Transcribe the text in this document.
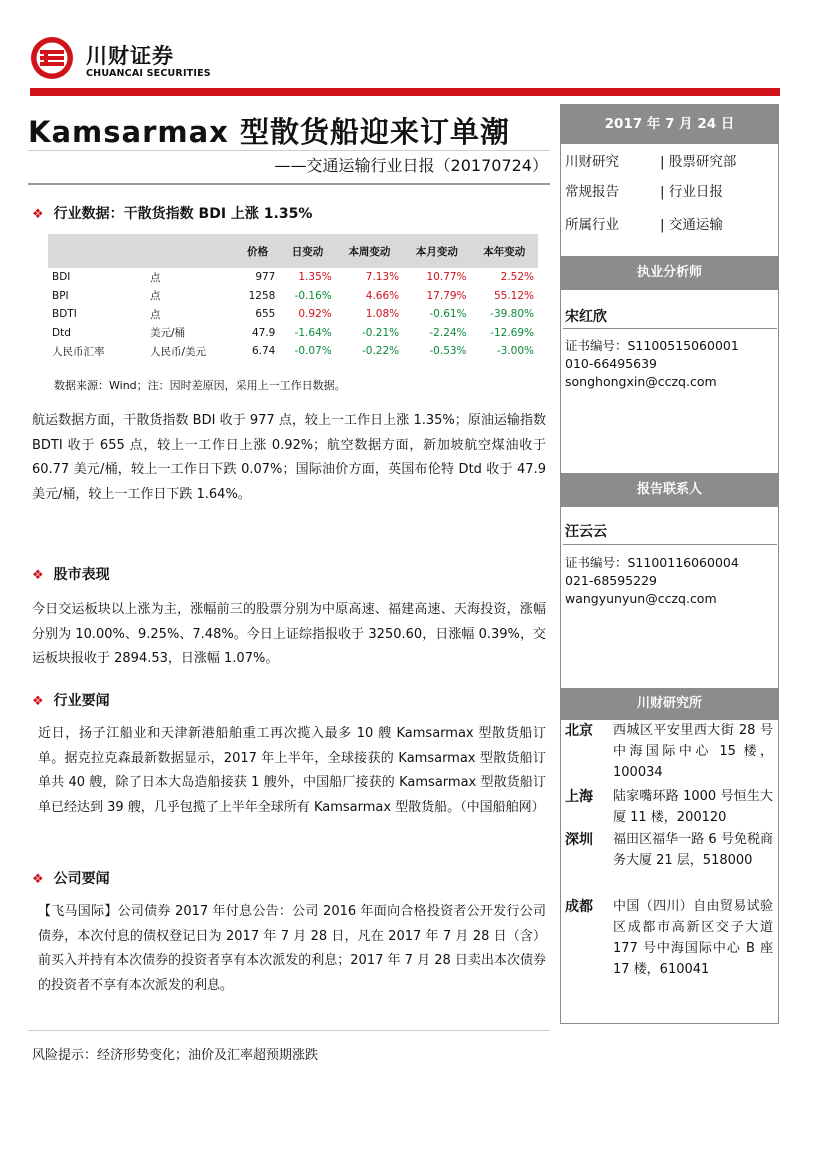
川财证券
CHUANCAI SECURITIES
Kamsarmax 型散货船迎来订单潮
——交通运输行业日报（20170724）
❖ 行业数据：干散货指数 BDI 上涨 1.35%
		价格	日变动	本周变动	本月变动	本年变动
BDI	点	977	1.35%	7.13%	10.77%	2.52%
BPI	点	1258	-0.16%	4.66%	17.79%	55.12%
BDTI	点	655	0.92%	1.08%	-0.61%	-39.80%
Dtd	美元/桶	47.9	-1.64%	-0.21%	-2.24%	-12.69%
人民币汇率	人民币/美元	6.74	-0.07%	-0.22%	-0.53%	-3.00%
数据来源：Wind；注：因时差原因，采用上一工作日数据。
航运数据方面，干散货指数 BDI 收于 977 点，较上一工作日上涨 1.35%；原油运输指数 BDTI 收于 655 点，较上一工作日上涨 0.92%；航空数据方面，新加坡航空煤油收于 60.77 美元/桶，较上一工作日下跌 0.07%；国际油价方面，英国布伦特 Dtd 收于 47.9 美元/桶，较上一工作日下跌 1.64%。
❖ 股市表现
今日交运板块以上涨为主，涨幅前三的股票分别为中原高速、福建高速、天海投资，涨幅分别为 10.00%、9.25%、7.48%。今日上证综指报收于 3250.60，日涨幅 0.39%，交运板块报收于 2894.53，日涨幅 1.07%。
❖ 行业要闻
近日，扬子江船业和天津新港船舶重工再次揽入最多 10 艘 Kamsarmax 型散货船订单。据克拉克森最新数据显示，2017 年上半年，全球接获的 Kamsarmax 型散货船订单共 40 艘，除了日本大岛造船接获 1 艘外，中国船厂接获的 Kamsarmax 型散货船订单已经达到 39 艘，几乎包揽了上半年全球所有 Kamsarmax 型散货船。（中国船舶网）
❖ 公司要闻
【飞马国际】公司债券 2017 年付息公告：公司 2016 年面向合格投资者公开发行公司债券，本次付息的债权登记日为 2017 年 7 月 28 日，凡在 2017 年 7 月 28 日（含）前买入并持有本次债券的投资者享有本次派发的利息；2017 年 7 月 28 日卖出本次债券的投资者不享有本次派发的利息。
风险提示：经济形势变化；油价及汇率超预期涨跌
2017 年 7 月 24 日
川财研究	| 股票研究部
常规报告	| 行业日报
所属行业	| 交通运输
执业分析师
宋红欣
证书编号：S1100515060001
010-66495639
songhongxin@cczq.com
报告联系人
汪云云
证书编号：S1100116060004
021-68595229
wangyunyun@cczq.com
川财研究所
北京 西城区平安里西大街 28 号中海国际中心 15 楼，100034
上海 陆家嘴环路 1000 号恒生大厦 11 楼，200120
深圳 福田区福华一路 6 号免税商务大厦 21 层，518000
成都 中国（四川）自由贸易试验区成都市高新区交子大道 177 号中海国际中心 B 座 17 楼，610041
